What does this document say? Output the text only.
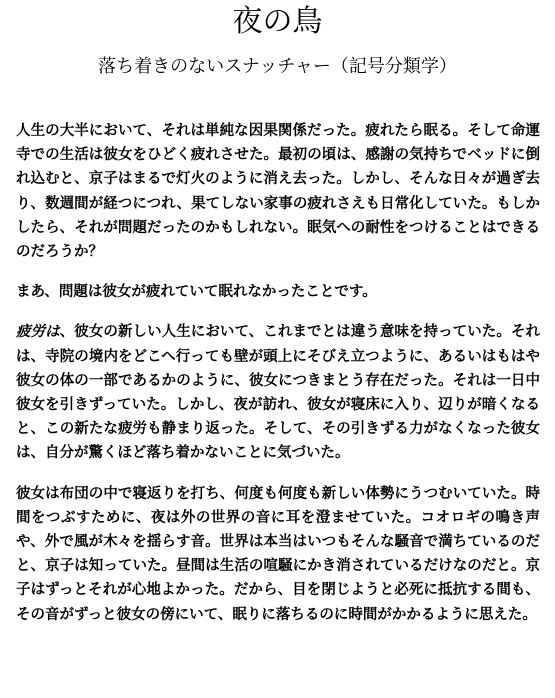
夜の鳥
落ち着きのないスナッチャー（記号分類学）

人生の大半において、それは単純な因果関係だった。疲れたら眠る。そして命運寺での生活は彼女をひどく疲れさせた。最初の頃は、感謝の気持ちでベッドに倒れ込むと、京子はまるで灯火のように消え去った。しかし、そんな日々が過ぎ去り、数週間が経つにつれ、果てしない家事の疲れさえも日常化していた。もしかしたら、それが問題だったのかもしれない。眠気への耐性をつけることはできるのだろうか？

まあ、問題は彼女が疲れていて眠れなかったことです。

疲労は、彼女の新しい人生において、これまでとは違う意味を持っていた。それは、寺院の境内をどこへ行っても壁が頭上にそびえ立つように、あるいはもはや彼女の体の一部であるかのように、彼女につきまとう存在だった。それは一日中彼女を引きずっていた。しかし、夜が訪れ、彼女が寝床に入り、辺りが暗くなると、この新たな疲労も静まり返った。そして、その引きずる力がなくなった彼女は、自分が驚くほど落ち着かないことに気づいた。

彼女は布団の中で寝返りを打ち、何度も何度も新しい体勢にうつむいていた。時間をつぶすために、夜は外の世界の音に耳を澄ませていた。コオロギの鳴き声や、外で風が木々を揺らす音。世界は本当はいつもそんな騒音で満ちているのだと、京子は知っていた。昼間は生活の喧騒にかき消されているだけなのだと。京子はずっとそれが心地よかった。だから、目を閉じようと必死に抵抗する間も、その音がずっと彼女の傍にいて、眠りに落ちるのに時間がかかるように思えた。
